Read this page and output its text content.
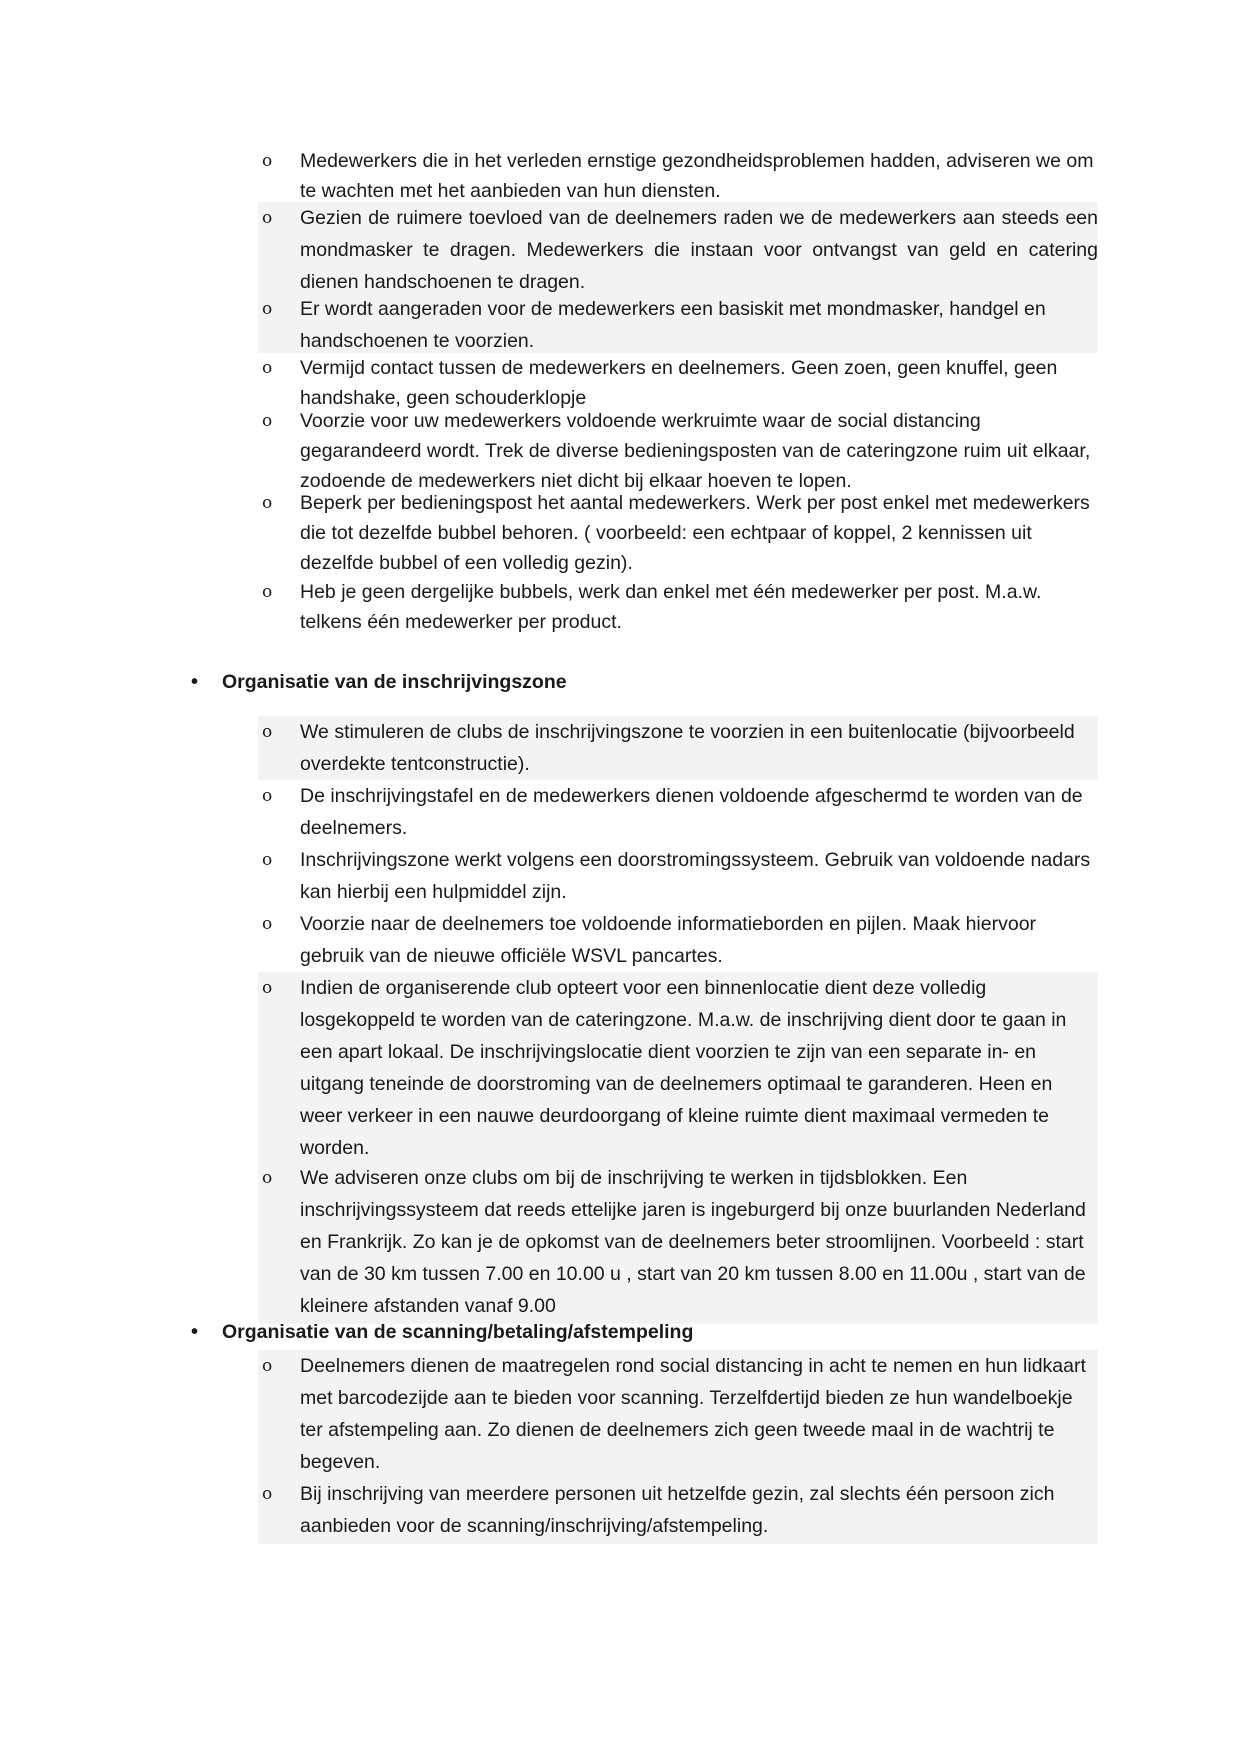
o	Medewerkers die in het verleden ernstige gezondheidsproblemen hadden, adviseren we om te wachten met het aanbieden van hun diensten.
o	Gezien de ruimere toevloed van de deelnemers raden we de medewerkers aan steeds een mondmasker te dragen. Medewerkers die instaan voor ontvangst van geld en catering dienen handschoenen te dragen.
o	Er wordt aangeraden voor de medewerkers een basiskit met mondmasker, handgel en handschoenen te voorzien.
o	Vermijd contact tussen de medewerkers en deelnemers. Geen zoen, geen knuffel, geen handshake, geen schouderklopje
o	Voorzie voor uw medewerkers voldoende werkruimte waar de social distancing gegarandeerd wordt. Trek de diverse bedieningsposten van de cateringzone ruim uit elkaar, zodoende de medewerkers niet dicht bij elkaar hoeven te lopen.
o	Beperk per bedieningspost het aantal medewerkers. Werk per post enkel met medewerkers die tot dezelfde bubbel behoren. ( voorbeeld: een echtpaar of koppel, 2 kennissen uit dezelfde bubbel of een volledig gezin).
o	Heb je geen dergelijke bubbels, werk dan enkel met één medewerker per post. M.a.w. telkens één medewerker per product.
•	Organisatie van de inschrijvingszone
o	We stimuleren de clubs de inschrijvingszone te voorzien in een buitenlocatie (bijvoorbeeld overdekte tentconstructie).
o	De inschrijvingstafel en de medewerkers dienen voldoende afgeschermd te worden van de deelnemers.
o	Inschrijvingszone werkt volgens een doorstromingssysteem. Gebruik van voldoende nadars kan hierbij een hulpmiddel zijn.
o	Voorzie naar de deelnemers toe voldoende informatieborden en pijlen. Maak hiervoor gebruik van de nieuwe officiële WSVL pancartes.
o	Indien de organiserende club opteert voor een binnenlocatie dient deze volledig losgekoppeld te worden van de cateringzone. M.a.w. de inschrijving dient door te gaan in een apart lokaal. De inschrijvingslocatie dient voorzien te zijn van een separate in- en uitgang teneinde de doorstroming van de deelnemers optimaal te garanderen. Heen en weer verkeer in een nauwe deurdoorgang of kleine ruimte dient maximaal vermeden te worden.
o	We adviseren onze clubs om bij de inschrijving te werken in tijdsblokken. Een inschrijvingssysteem dat reeds ettelijke jaren is ingeburgerd bij onze buurlanden Nederland en Frankrijk. Zo kan je de opkomst van de deelnemers beter stroomlijnen. Voorbeeld : start van de 30 km tussen 7.00 en 10.00 u , start van 20 km tussen 8.00 en 11.00u , start van de kleinere afstanden vanaf 9.00
•	Organisatie van de scanning/betaling/afstempeling
o	Deelnemers dienen de maatregelen rond social distancing in acht te nemen en hun lidkaart met barcodezijde aan te bieden voor scanning. Terzelfdertijd bieden ze hun wandelboekje ter afstempeling aan. Zo dienen de deelnemers zich geen tweede maal in de wachtrij te begeven.
o	Bij inschrijving van meerdere personen uit hetzelfde gezin, zal slechts één persoon zich aanbieden voor de scanning/inschrijving/afstempeling.
